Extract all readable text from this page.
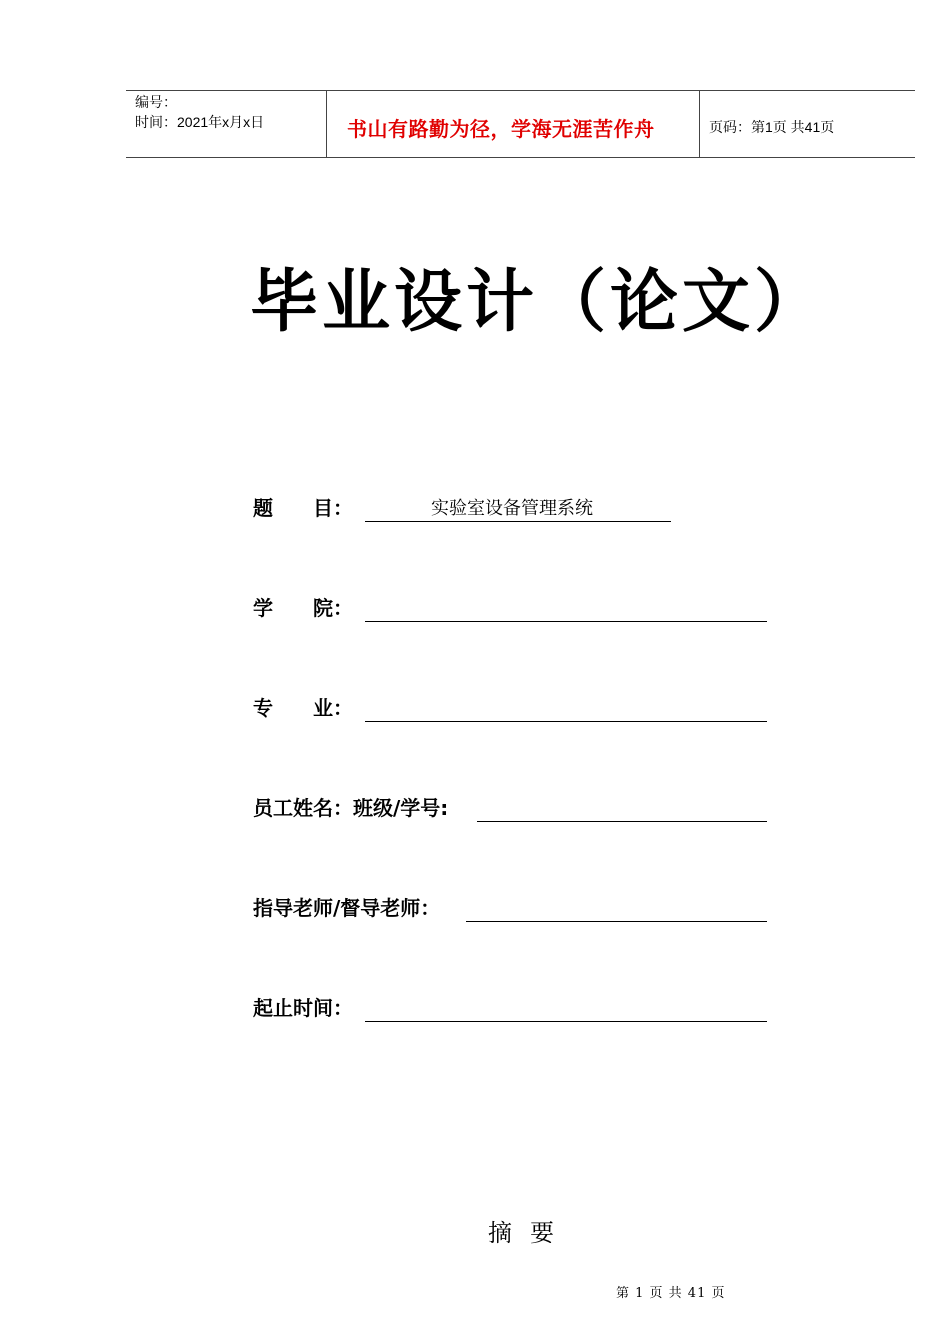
编号：
时间：2021年x月x日	书山有路勤为径，学海无涯苦作舟	页码：第1页 共41页
毕业设计（论文）
题　　目：	实验室设备管理系统
学　　院：
专　　业：
员工姓名：班级/学号:
指导老师/督导老师：
起止时间：
摘要
第 1 页 共 41 页
